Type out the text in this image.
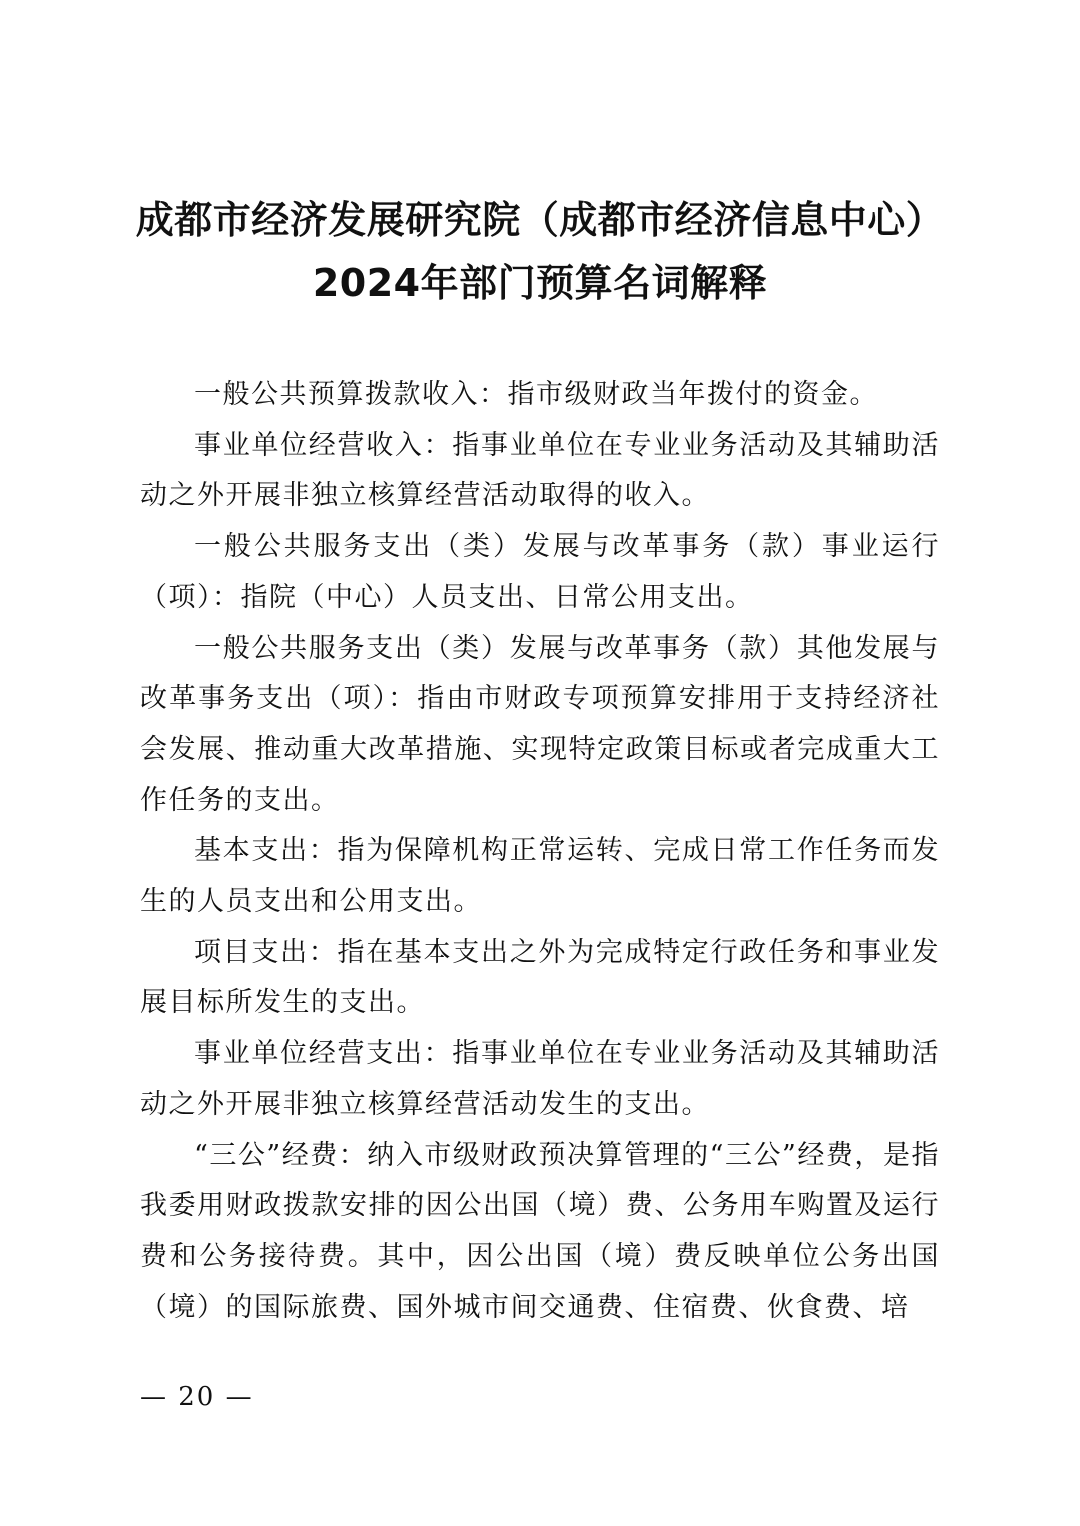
成都市经济发展研究院（成都市经济信息中心）
2024年部门预算名词解释

一般公共预算拨款收入：指市级财政当年拨付的资金。

事业单位经营收入：指事业单位在专业业务活动及其辅助活动之外开展非独立核算经营活动取得的收入。

一般公共服务支出（类）发展与改革事务（款）事业运行（项）：指院（中心）人员支出、日常公用支出。

一般公共服务支出（类）发展与改革事务（款）其他发展与改革事务支出（项）：指由市财政专项预算安排用于支持经济社会发展、推动重大改革措施、实现特定政策目标或者完成重大工作任务的支出。

基本支出：指为保障机构正常运转、完成日常工作任务而发生的人员支出和公用支出。

项目支出：指在基本支出之外为完成特定行政任务和事业发展目标所发生的支出。

事业单位经营支出：指事业单位在专业业务活动及其辅助活动之外开展非独立核算经营活动发生的支出。

“三公”经费：纳入市级财政预决算管理的“三公”经费，是指我委用财政拨款安排的因公出国（境）费、公务用车购置及运行费和公务接待费。其中，因公出国（境）费反映单位公务出国（境）的国际旅费、国外城市间交通费、住宿费、伙食费、培

— 20 —
